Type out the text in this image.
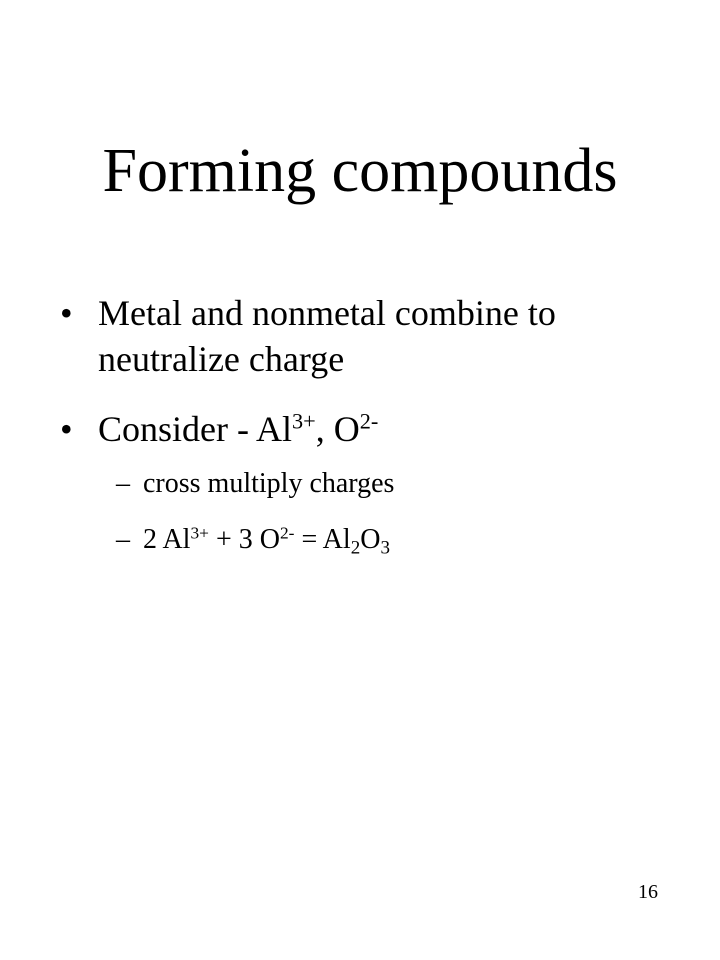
Forming compounds
• Metal and nonmetal combine to
neutralize charge
• Consider - $Al^{3+}$, $O^{2-}$
– cross multiply charges
– 2 $Al^{3+} + 3$ $O^{2-} = Al_2O_3$
16
